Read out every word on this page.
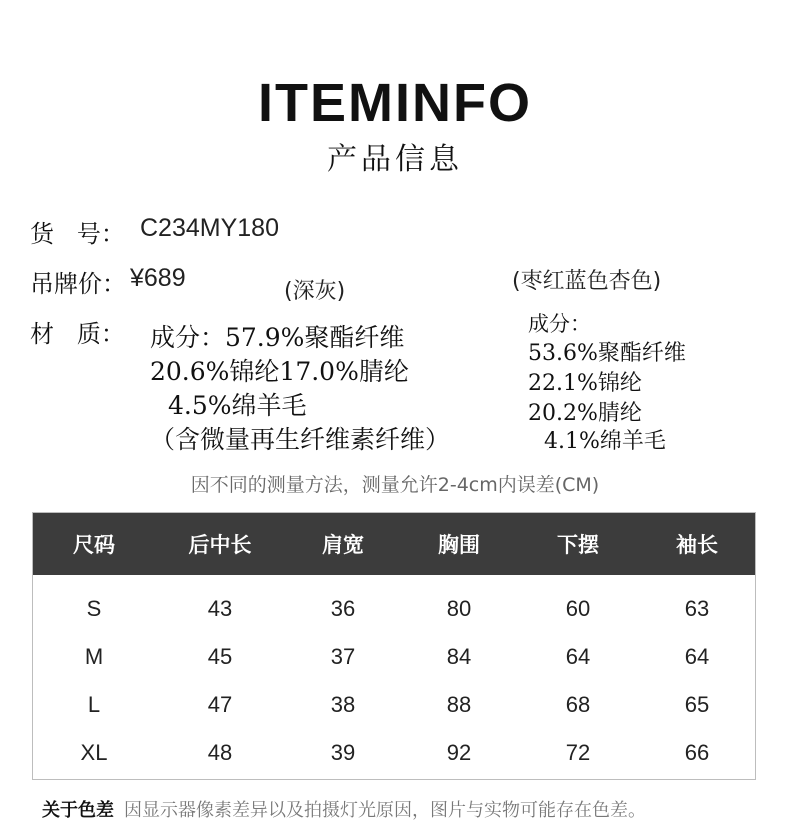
ITEMINFO
产品信息
货   号： C234MY180
吊牌价： ¥689
材   质：
(深灰)
成分：57.9%聚酯纤维
20.6%锦纶17.0%腈纶
4.5%绵羊毛
（含微量再生纤维素纤维）
(枣红蓝色杏色)
成分：
53.6%聚酯纤维
22.1%锦纶
20.2%腈纶
4.1%绵羊毛
因不同的测量方法，测量允许2-4cm内误差(CM)
尺码	后中长	肩宽	胸围	下摆	袖长
S	43	36	80	60	63
M	45	37	84	64	64
L	47	38	88	68	65
XL	48	39	92	72	66
关于色差 因显示器像素差异以及拍摄灯光原因，图片与实物可能存在色差。
